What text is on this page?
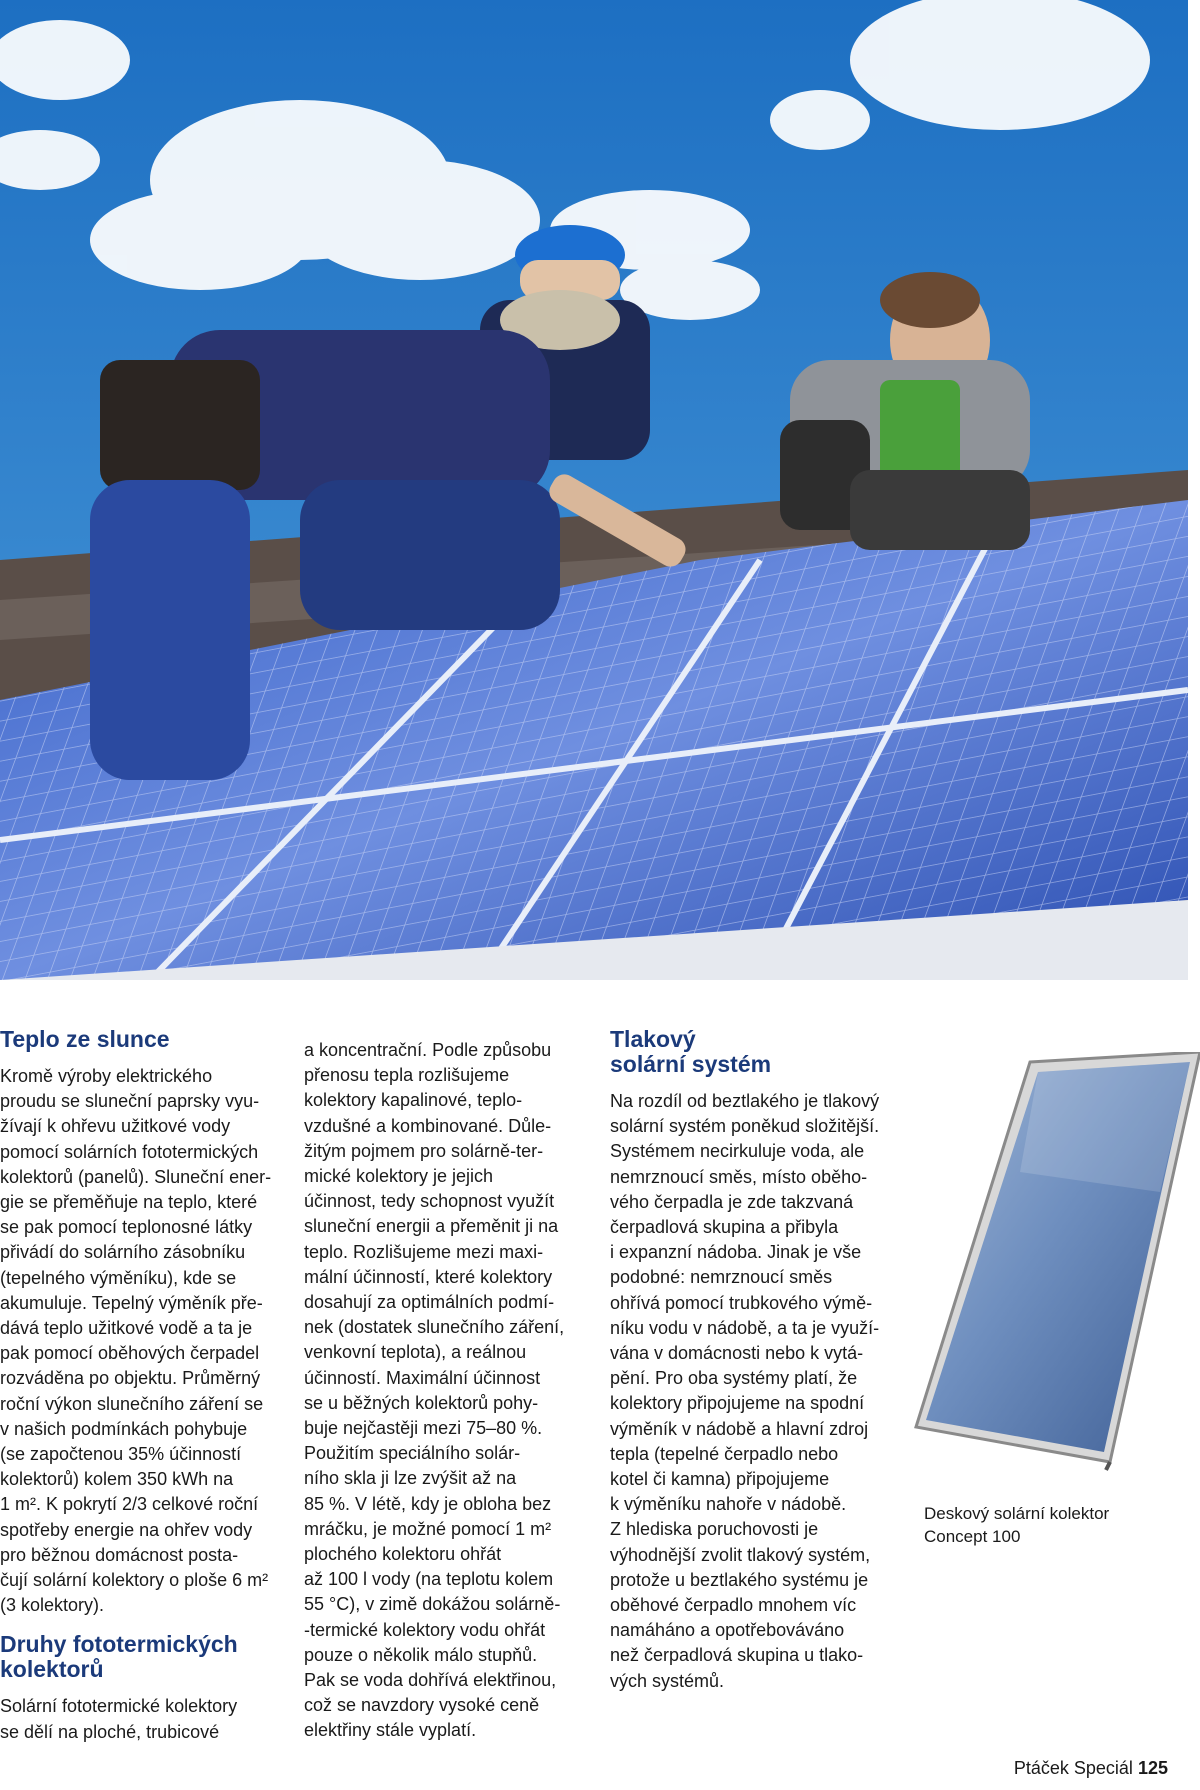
Teplo ze slunce

Kromě výroby elektrického
proudu se sluneční paprsky vyu-
žívají k ohřevu užitkové vody
pomocí solárních fototermických
kolektorů (panelů). Sluneční ener-
gie se přeměňuje na teplo, které
se pak pomocí teplonosné látky
přivádí do solárního zásobníku
(tepelného výměníku), kde se
akumuluje. Tepelný výměník pře-
dává teplo užitkové vodě a ta je
pak pomocí oběhových čerpadel
rozváděna po objektu. Průměrný
roční výkon slunečního záření se
v našich podmínkách pohybuje
(se započtenou 35% účinností
kolektorů) kolem 350 kWh na
1 m². K pokrytí 2/3 celkové roční
spotřeby energie na ohřev vody
pro běžnou domácnost posta-
čují solární kolektory o ploše 6 m²
(3 kolektory).

Druhy fototermických
kolektorů

Solární fototermické kolektory
se dělí na ploché, trubicové

a koncentrační. Podle způsobu
přenosu tepla rozlišujeme
kolektory kapalinové, teplo-
vzdušné a kombinované. Důle-
žitým pojmem pro solárně-ter-
mické kolektory je jejich
účinnost, tedy schopnost využít
sluneční energii a přeměnit ji na
teplo. Rozlišujeme mezi maxi-
mální účinností, které kolektory
dosahují za optimálních podmí-
nek (dostatek slunečního záření,
venkovní teplota), a reálnou
účinností. Maximální účinnost
se u běžných kolektorů pohy-
buje nejčastěji mezi 75–80 %.
Použitím speciálního solár-
ního skla ji lze zvýšit až na
85 %. V létě, kdy je obloha bez
mráčku, je možné pomocí 1 m²
plochého kolektoru ohřát
až 100 l vody (na teplotu kolem
55 °C), v zimě dokážou solárně-
-termické kolektory vodu ohřát
pouze o několik málo stupňů.
Pak se voda dohřívá elektřinou,
což se navzdory vysoké ceně
elektřiny stále vyplatí.

Tlakový
solární systém

Na rozdíl od beztlakého je tlakový
solární systém poněkud složitější.
Systémem necirkuluje voda, ale
nemrznoucí směs, místo oběho-
vého čerpadla je zde takzvaná
čerpadlová skupina a přibyla
i expanzní nádoba. Jinak je vše
podobné: nemrznoucí směs
ohřívá pomocí trubkového výmě-
níku vodu v nádobě, a ta je využí-
vána v domácnosti nebo k vytá-
pění. Pro oba systémy platí, že
kolektory připojujeme na spodní
výměník v nádobě a hlavní zdroj
tepla (tepelné čerpadlo nebo
kotel či kamna) připojujeme
k výměníku nahoře v nádobě.
Z hlediska poruchovosti je
výhodnější zvolit tlakový systém,
protože u beztlakého systému je
oběhové čerpadlo mnohem víc
namáháno a opotřebováváno
než čerpadlová skupina u tlako-
vých systémů.

Deskový solární kolektor
Concept 100
Ptáček Speciál 125
